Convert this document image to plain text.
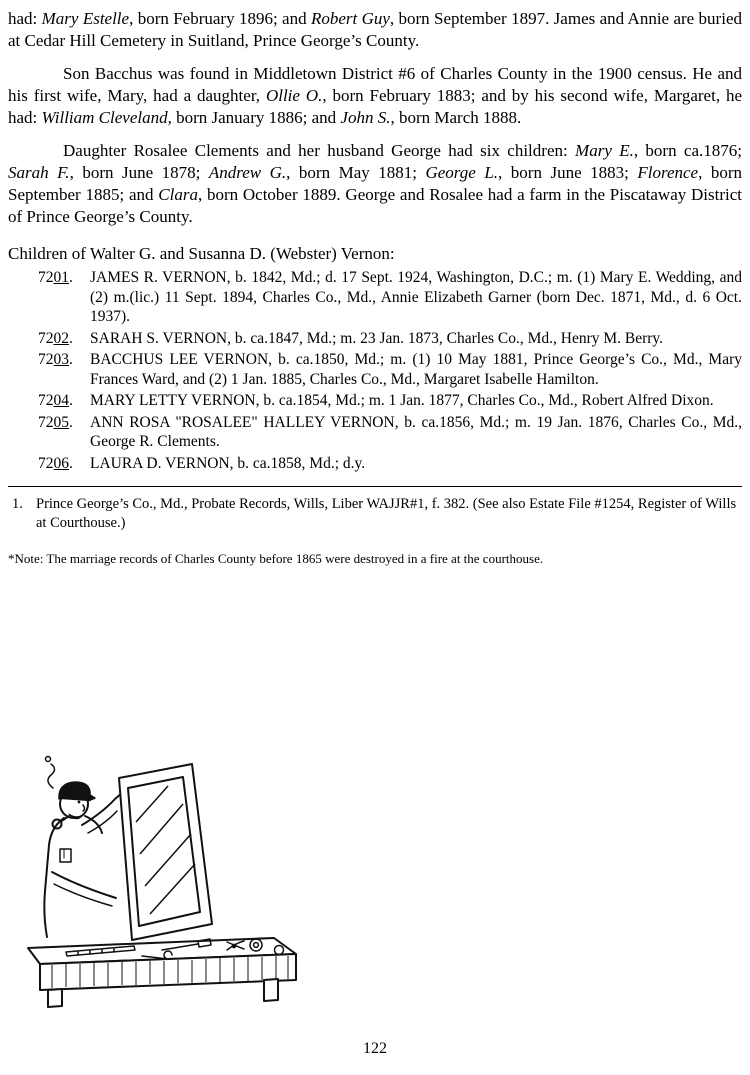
had: Mary Estelle, born February 1896; and Robert Guy, born September 1897. James and Annie are buried at Cedar Hill Cemetery in Suitland, Prince George’s County.

Son Bacchus was found in Middletown District #6 of Charles County in the 1900 census. He and his first wife, Mary, had a daughter, Ollie O., born February 1883; and by his second wife, Margaret, he had: William Cleveland, born January 1886; and John S., born March 1888.

Daughter Rosalee Clements and her husband George had six children: Mary E., born ca.1876; Sarah F., born June 1878; Andrew G., born May 1881; George L., born June 1883; Florence, born September 1885; and Clara, born October 1889. George and Rosalee had a farm in the Piscataway District of Prince George’s County.

Children of Walter G. and Susanna D. (Webster) Vernon:

7201.	JAMES R. VERNON, b. 1842, Md.; d. 17 Sept. 1924, Washington, D.C.; m. (1) Mary E. Wedding, and (2) m.(lic.) 11 Sept. 1894, Charles Co., Md., Annie Elizabeth Garner (born Dec. 1871, Md., d. 6 Oct. 1937).
7202.	SARAH S. VERNON, b. ca.1847, Md.; m. 23 Jan. 1873, Charles Co., Md., Henry M. Berry.
7203.	BACCHUS LEE VERNON, b. ca.1850, Md.; m. (1) 10 May 1881, Prince George’s Co., Md., Mary Frances Ward, and (2) 1 Jan. 1885, Charles Co., Md., Margaret Isabelle Hamilton.
7204.	MARY LETTY VERNON, b. ca.1854, Md.; m. 1 Jan. 1877, Charles Co., Md., Robert Alfred Dixon.
7205.	ANN ROSA "ROSALEE" HALLEY VERNON, b. ca.1856, Md.; m. 19 Jan. 1876, Charles Co., Md., George R. Clements.
7206.	LAURA D. VERNON, b. ca.1858, Md.; d.y.
1. Prince George’s Co., Md., Probate Records, Wills, Liber WAJJR#1, f. 382. (See also Estate File #1254, Register of Wills at Courthouse.)

*Note: The marriage records of Charles County before 1865 were destroyed in a fire at the courthouse.

122
